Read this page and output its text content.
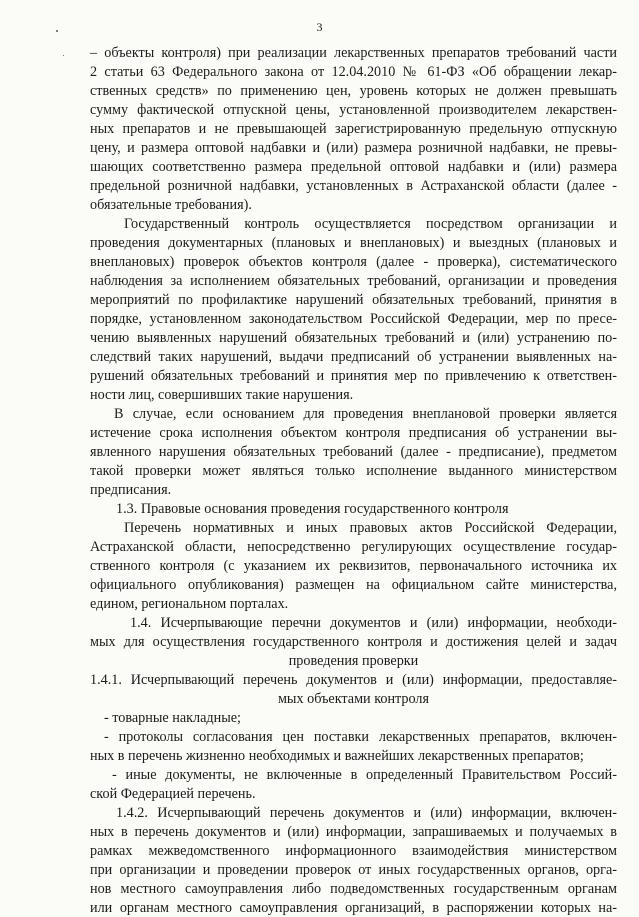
3
– объекты контроля) при реализации лекарственных препаратов требований части
2 статьи 63 Федерального закона от 12.04.2010 № 61-ФЗ «Об обращении лекар-
ственных средств» по применению цен, уровень которых не должен превышать
сумму фактической отпускной цены, установленной производителем лекарствен-
ных препаратов и не превышающей зарегистрированную предельную отпускную
цену, и размера оптовой надбавки и (или) размера розничной надбавки, не превы-
шающих соответственно размера предельной оптовой надбавки и (или) размера
предельной розничной надбавки, установленных в Астраханской области (далее -
обязательные требования).
Государственный контроль осуществляется посредством организации и
проведения документарных (плановых и внеплановых) и выездных (плановых и
внеплановых) проверок объектов контроля (далее - проверка), систематического
наблюдения за исполнением обязательных требований, организации и проведения
мероприятий по профилактике нарушений обязательных требований, принятия в
порядке, установленном законодательством Российской Федерации, мер по пресе-
чению выявленных нарушений обязательных требований и (или) устранению по-
следствий таких нарушений, выдачи предписаний об устранении выявленных на-
рушений обязательных требований и принятия мер по привлечению к ответствен-
ности лиц, совершивших такие нарушения.
В случае, если основанием для проведения внеплановой проверки является
истечение срока исполнения объектом контроля предписания об устранении вы-
явленного нарушения обязательных требований (далее - предписание), предметом
такой проверки может являться только исполнение выданного министерством
предписания.
1.3. Правовые основания проведения государственного контроля
Перечень нормативных и иных правовых актов Российской Федерации,
Астраханской области, непосредственно регулирующих осуществление государ-
ственного контроля (с указанием их реквизитов, первоначального источника их
официального опубликования) размещен на официальном сайте министерства,
едином, региональном порталах.
1.4. Исчерпывающие перечни документов и (или) информации, необходи-
мых для осуществления государственного контроля и достижения целей и задач
проведения проверки
1.4.1. Исчерпывающий перечень документов и (или) информации, предоставляе-
мых объектами контроля
- товарные накладные;
- протоколы согласования цен поставки лекарственных препаратов, включен-
ных в перечень жизненно необходимых и важнейших лекарственных препаратов;
- иные документы, не включенные в определенный Правительством Россий-
ской Федерацией перечень.
1.4.2. Исчерпывающий перечень документов и (или) информации, включен-
ных в перечень документов и (или) информации, запрашиваемых и получаемых в
рамках межведомственного информационного взаимодействия министерством
при организации и проведении проверок от иных государственных органов, орга-
нов местного самоуправления либо подведомственных государственным органам
или органам местного самоуправления организаций, в распоряжении которых на-
